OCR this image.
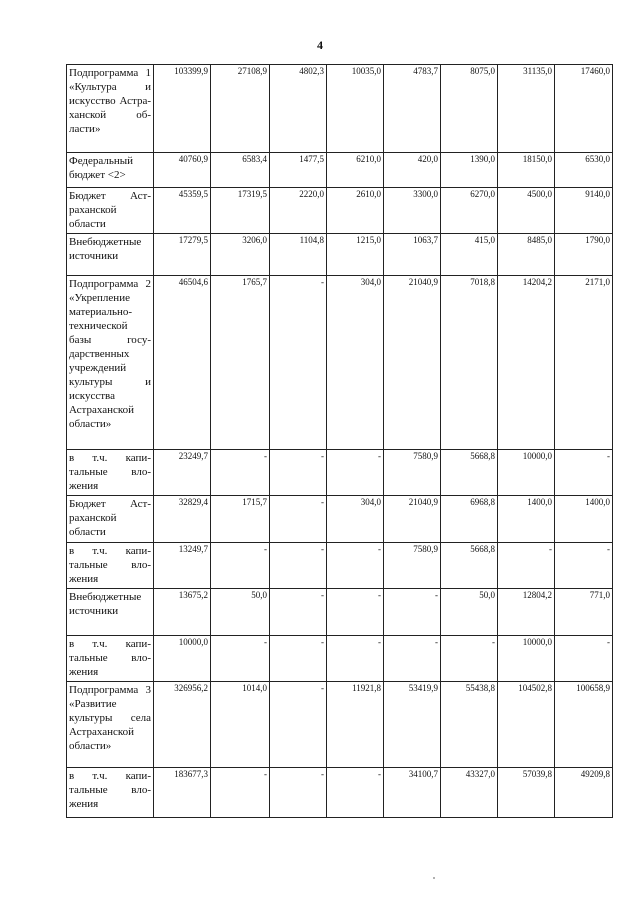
4
Подпрограмма 1 «Культура и искусство Астраханской области»	103399,9	27108,9	4802,3	10035,0	4783,7	8075,0	31135,0	17460,0
Федеральный бюджет <2>	40760,9	6583,4	1477,5	6210,0	420,0	1390,0	18150,0	6530,0
Бюджет Астраханской области	45359,5	17319,5	2220,0	2610,0	3300,0	6270,0	4500,0	9140,0
Внебюджетные источники	17279,5	3206,0	1104,8	1215,0	1063,7	415,0	8485,0	1790,0
Подпрограмма 2 «Укрепление материально-технической базы государственных учреждений культуры и искусства Астраханской области»	46504,6	1765,7	-	304,0	21040,9	7018,8	14204,2	2171,0
в т.ч. капитальные вложения	23249,7	-	-	-	7580,9	5668,8	10000,0	-
Бюджет Астраханской области	32829,4	1715,7	-	304,0	21040,9	6968,8	1400,0	1400,0
в т.ч. капитальные вложения	13249,7	-	-	-	7580,9	5668,8	-	-
Внебюджетные источники	13675,2	50,0	-	-	-	50,0	12804,2	771,0
в т.ч. капитальные вложения	10000,0	-	-	-	-	-	10000,0	-
Подпрограмма 3 «Развитие культуры села Астраханской области»	326956,2	1014,0	-	11921,8	53419,9	55438,8	104502,8	100658,9
в т.ч. капитальные вложения	183677,3	-	-	-	34100,7	43327,0	57039,8	49209,8
